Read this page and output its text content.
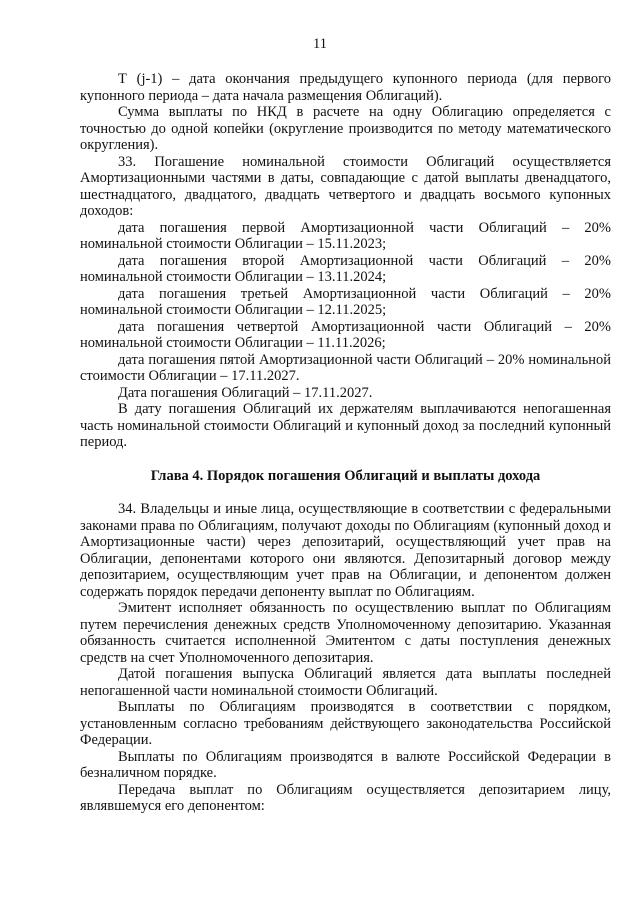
11

Т (j-1) – дата окончания предыдущего купонного периода (для первого купонного периода – дата начала размещения Облигаций).

Сумма выплаты по НКД в расчете на одну Облигацию определяется с точностью до одной копейки (округление производится по методу математического округления).

33. Погашение номинальной стоимости Облигаций осуществляется Амортизационными частями в даты, совпадающие с датой выплаты двенадцатого, шестнадцатого, двадцатого, двадцать четвертого и двадцать восьмого купонных доходов:

дата погашения первой Амортизационной части Облигаций – 20% номинальной стоимости Облигации – 15.11.2023;

дата погашения второй Амортизационной части Облигаций – 20% номинальной стоимости Облигации – 13.11.2024;

дата погашения третьей Амортизационной части Облигаций – 20% номинальной стоимости Облигации – 12.11.2025;

дата погашения четвертой Амортизационной части Облигаций – 20% номинальной стоимости Облигации – 11.11.2026;

дата погашения пятой Амортизационной части Облигаций – 20% номинальной стоимости Облигации – 17.11.2027.

Дата погашения Облигаций – 17.11.2027.

В дату погашения Облигаций их держателям выплачиваются непогашенная часть номинальной стоимости Облигаций и купонный доход за последний купонный период.

Глава 4. Порядок погашения Облигаций и выплаты дохода

34. Владельцы и иные лица, осуществляющие в соответствии с федеральными законами права по Облигациям, получают доходы по Облигациям (купонный доход и Амортизационные части) через депозитарий, осуществляющий учет прав на Облигации, депонентами которого они являются. Депозитарный договор между депозитарием, осуществляющим учет прав на Облигации, и депонентом должен содержать порядок передачи депоненту выплат по Облигациям.

Эмитент исполняет обязанность по осуществлению выплат по Облигациям путем перечисления денежных средств Уполномоченному депозитарию. Указанная обязанность считается исполненной Эмитентом с даты поступления денежных средств на счет Уполномоченного депозитария.

Датой погашения выпуска Облигаций является дата выплаты последней непогашенной части номинальной стоимости Облигаций.

Выплаты по Облигациям производятся в соответствии с порядком, установленным согласно требованиям действующего законодательства Российской Федерации.

Выплаты по Облигациям производятся в валюте Российской Федерации в безналичном порядке.

Передача выплат по Облигациям осуществляется депозитарием лицу, являвшемуся его депонентом:
